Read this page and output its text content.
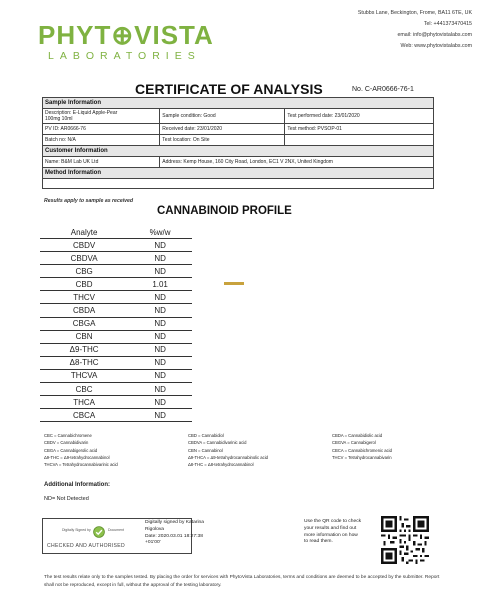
PHYT⊕VISTA
LABORATORIES
Stubbs Lane, Beckington, Frome, BA11 6TE, UK
Tel: +441373470415
email: info@phytovistalabs.com
Web: www.phytovistalabs.com
CERTIFICATE OF ANALYSIS	No. C-AR0666-76-1
Sample Information		

Description: E-Liquid Apple-Pear
100mg 10ml	Sample condition: Good	Test performed date: 23/01/2020
PV ID: AR0666-76	Received date: 23/01/2020	Test method: PVSOP-01
Batch no: N/A	Test location: On Site	
Customer Information		
Name: B&M Lab UK Ltd	Address: Kemp House, 160 City Road, London, EC1 V 2NX, United Kingdom	
Method Information		

Results apply to sample as received
CANNABINOID PROFILE
Analyte	%w/w
CBDV	ND
CBDVA	ND
CBG	ND
CBD	1.01
THCV	ND
CBDA	ND
CBGA	ND
CBN	ND
Δ9-THC	ND
Δ8-THC	ND
THCVA	ND
CBC	ND
THCA	ND
CBCA	ND
CBC = Cannabichromene
CBDV = Cannabidivarin
CBGA = Cannabigerolic acid
Δ9-THC = Δ9-tetrahydrocannabinol
THCVA = Tetrahydrocannabivarinic acid
CBD = Cannabidiol
CBDVA = Cannabidivarinic acid
CBN = Cannabinol
Δ9-THCA = Δ9-tetrahydrocannabinolic acid
Δ8-THC = Δ8-tetrahydrocannabinol
CBDA = Cannabidiolic acid
CBGVA = Cannabigerol
CBCA = Cannabichromenic acid
THCV = Tetrahydrocannabivarin
Additional Information:
ND= Not Detected
Digitally Signed by	Document
CHECKED AND AUTHORISED
Digitally signed by Katarina
Rigolova
Date: 2020.03.01 18:27:38
+01'00'
Use the QR code to check
your results and find out
more information on how
to read them.
The test results relate only to the samples tested. By placing the order for services with PhytoVista Laboratories, terms and conditions are deemed to be accepted by the submitter. Report shall not be reproduced, except in full, without the approval of the testing laboratory.
